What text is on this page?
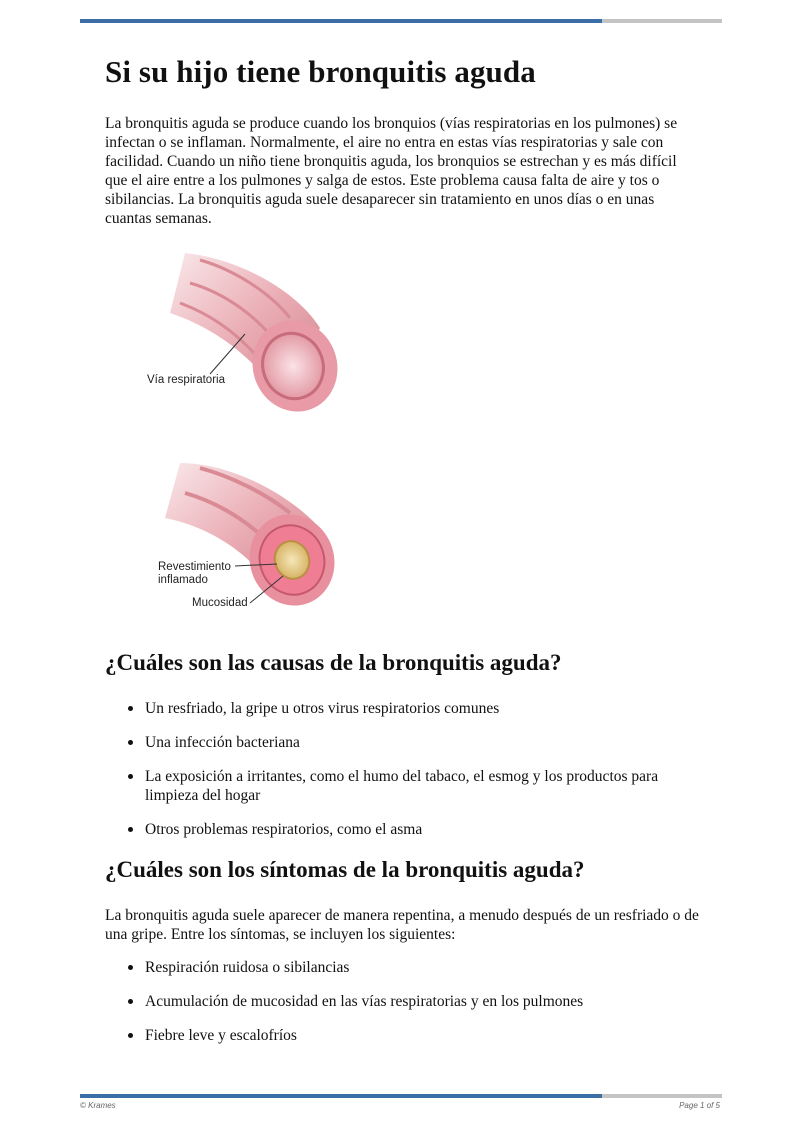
Si su hijo tiene bronquitis aguda

La bronquitis aguda se produce cuando los bronquios (vías respiratorias en los pulmones) se infectan o se inflaman. Normalmente, el aire no entra en estas vías respiratorias y sale con facilidad. Cuando un niño tiene bronquitis aguda, los bronquios se estrechan y es más difícil que el aire entre a los pulmones y salga de estos. Este problema causa falta de aire y tos o sibilancias. La bronquitis aguda suele desaparecer sin tratamiento en unos días o en unas cuantas semanas.

Vía respiratoria
Revestimiento
inflamado
Mucosidad
¿Cuáles son las causas de la bronquitis aguda?
Un resfriado, la gripe u otros virus respiratorios comunes
Una infección bacteriana
La exposición a irritantes, como el humo del tabaco, el esmog y los productos para limpieza del hogar
Otros problemas respiratorios, como el asma
¿Cuáles son los síntomas de la bronquitis aguda?

La bronquitis aguda suele aparecer de manera repentina, a menudo después de un resfriado o de una gripe. Entre los síntomas, se incluyen los siguientes:

Respiración ruidosa o sibilancias
Acumulación de mucosidad en las vías respiratorias y en los pulmones
Fiebre leve y escalofríos
© Krames	Page 1 of 5
